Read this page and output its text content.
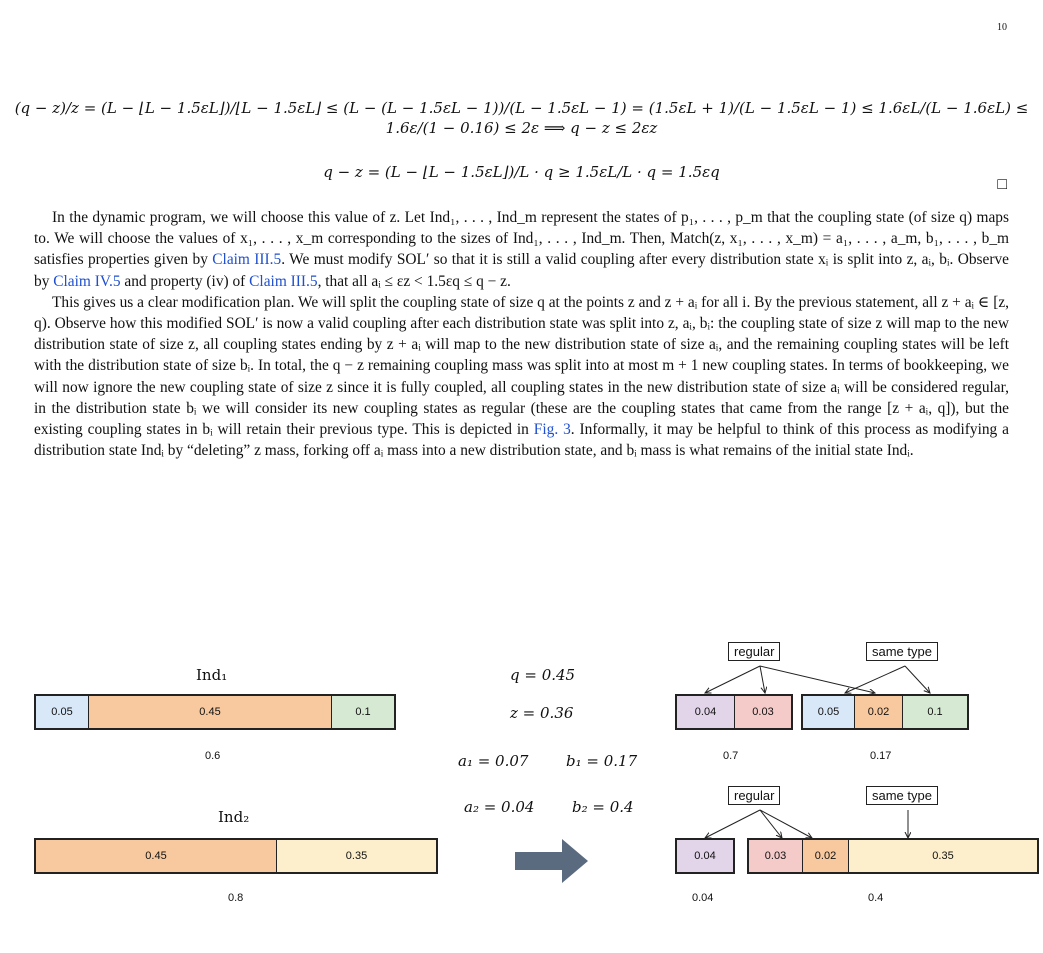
10
(q − z)/z = (L − ⌊L − 1.5εL⌋)/⌊L − 1.5εL⌋ ≤ (L − (L − 1.5εL − 1))/(L − 1.5εL − 1) = (1.5εL + 1)/(L − 1.5εL − 1) ≤ 1.6εL/(L − 1.6εL) ≤ 1.6ε/(1 − 0.16) ≤ 2ε ⟹ q − z ≤ 2εz
q − z = (L − ⌊L − 1.5εL⌋)/L · q ≥ 1.5εL/L · q = 1.5εq
□

In the dynamic program, we will choose this value of z. Let Ind₁, . . . , Ind_m represent the states of p₁, . . . , p_m that the coupling state (of size q) maps to. We will choose the values of x₁, . . . , x_m corresponding to the sizes of Ind₁, . . . , Ind_m. Then, Match(z, x₁, . . . , x_m) = a₁, . . . , a_m, b₁, . . . , b_m satisfies properties given by Claim III.5. We must modify SOL′ so that it is still a valid coupling after every distribution state xᵢ is split into z, aᵢ, bᵢ. Observe by Claim IV.5 and property (iv) of Claim III.5, that all aᵢ ≤ εz < 1.5εq ≤ q − z.

This gives us a clear modification plan. We will split the coupling state of size q at the points z and z + aᵢ for all i. By the previous statement, all z + aᵢ ∈ [z, q). Observe how this modified SOL′ is now a valid coupling after each distribution state was split into z, aᵢ, bᵢ: the coupling state of size z will map to the new distribution state of size z, all coupling states ending by z + aᵢ will map to the new distribution state of size aᵢ, and the remaining coupling states will be left with the distribution state of size bᵢ. In total, the q − z remaining coupling mass was split into at most m + 1 new coupling states. In terms of bookkeeping, we will now ignore the new coupling state of size z since it is fully coupled, all coupling states in the new distribution state of size aᵢ will be considered regular, in the distribution state bᵢ we will consider its new coupling states as regular (these are the coupling states that came from the range [z + aᵢ, q]), but the existing coupling states in bᵢ will retain their previous type. This is depicted in Fig. 3. Informally, it may be helpful to think of this process as modifying a distribution state Indᵢ by “deleting” z mass, forking off aᵢ mass into a new distribution state, and bᵢ mass is what remains of the initial state Indᵢ.

Ind₁
0.05	0.45	0.1
0.6
Ind₂
0.45	0.35
0.8
q = 0.45
z = 0.36
a₁ = 0.07	b₁ = 0.17
a₂ = 0.04	b₂ = 0.4
regular	same type
0.04	0.03
0.7
0.05	0.02	0.1
0.17
regular	same type
0.04
0.04
0.03	0.02	0.35
0.4
